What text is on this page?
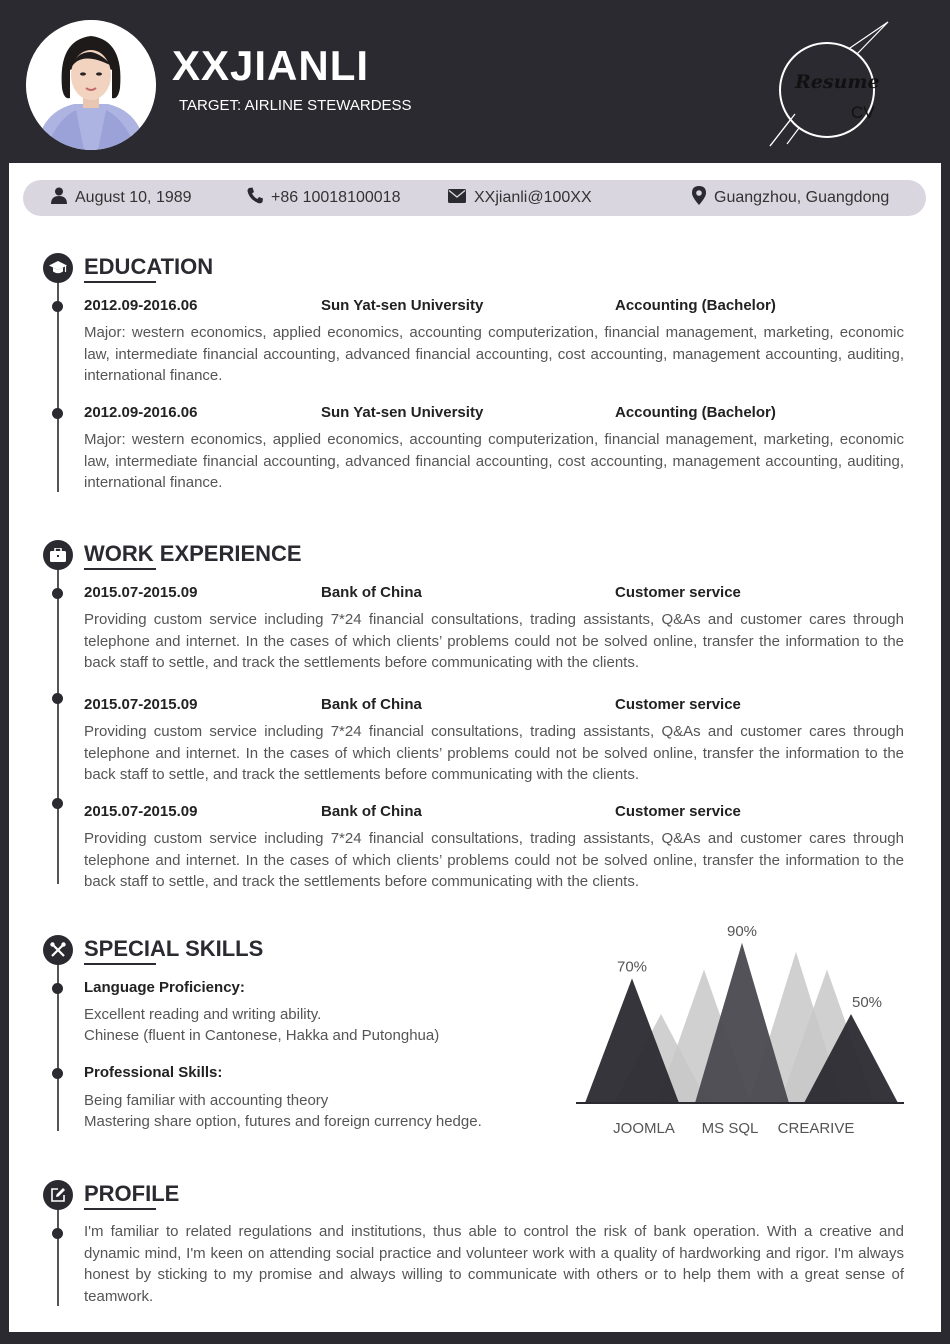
XXJIANLI
TARGET: AIRLINE STEWARDESS
Resume
CV
August 10, 1989	+86 10018100018	XXjianli@100XX	Guangzhou, Guangdong
EDUCATION
2012.09-2016.06	Sun Yat-sen University	Accounting (Bachelor)
Major: western economics, applied economics, accounting computerization, financial management, marketing, economic law, intermediate financial accounting, advanced financial accounting, cost accounting, management accounting, auditing, international finance.
2012.09-2016.06	Sun Yat-sen University	Accounting (Bachelor)
Major: western economics, applied economics, accounting computerization, financial management, marketing, economic law, intermediate financial accounting, advanced financial accounting, cost accounting, management accounting, auditing, international finance.
WORK EXPERIENCE
2015.07-2015.09	Bank of China	Customer service
Providing custom service including 7*24 financial consultations, trading assistants, Q&As and customer cares through telephone and internet. In the cases of which clients’ problems could not be solved online, transfer the information to the back staff to settle, and track the settlements before communicating with the clients.
2015.07-2015.09	Bank of China	Customer service
Providing custom service including 7*24 financial consultations, trading assistants, Q&As and customer cares through telephone and internet. In the cases of which clients’ problems could not be solved online, transfer the information to the back staff to settle, and track the settlements before communicating with the clients.
2015.07-2015.09	Bank of China	Customer service
Providing custom service including 7*24 financial consultations, trading assistants, Q&As and customer cares through telephone and internet. In the cases of which clients’ problems could not be solved online, transfer the information to the back staff to settle, and track the settlements before communicating with the clients.
SPECIAL SKILLS
Language Proficiency:
Excellent reading and writing ability.
Chinese (fluent in Cantonese, Hakka and Putonghua)
Professional Skills:
Being familiar with accounting theory
Mastering share option, futures and foreign currency hedge.
70%
90%
50%
JOOMLA MS SQL CREARIVE
PROFILE
I'm familiar to related regulations and institutions, thus able to control the risk of bank operation. With a creative and dynamic mind, I'm keen on attending social practice and volunteer work with a quality of hardworking and rigor. I'm always honest by sticking to my promise and always willing to communicate with others or to help them with a great sense of teamwork.
